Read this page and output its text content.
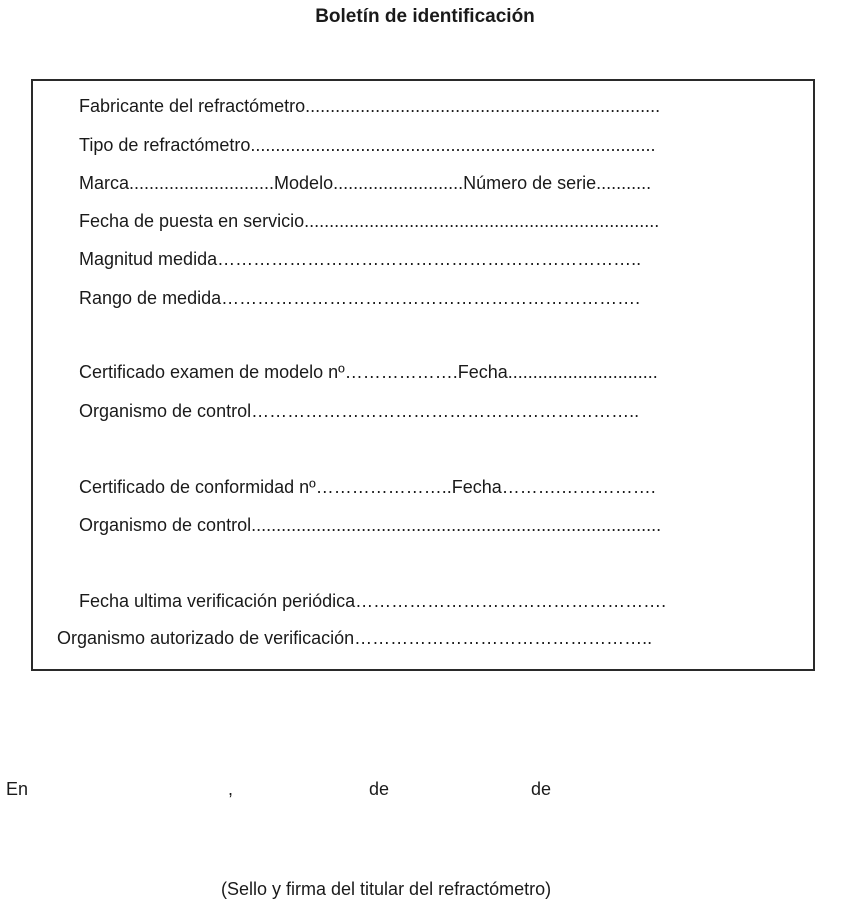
Boletín de identificación
Fabricante del refractómetro.......................................................................
Tipo de refractómetro.................................................................................
Marca.............................Modelo..........................Número de serie...........
Fecha de puesta en servicio.......................................................................
Magnitud medida……………………………………………………………..
Rango de medida…………………………………………………………….
Certificado examen de modelo nº……………….Fecha..............................
Organismo de control………………………………………………………..
Certificado de conformidad nº…………………..Fecha……….…………….
Organismo de control..................................................................................
Fecha ultima verificación periódica…………………………………………….
Organismo autorizado de verificación…………………………………………..
En	,	de	de
(Sello y firma del titular del refractómetro)
